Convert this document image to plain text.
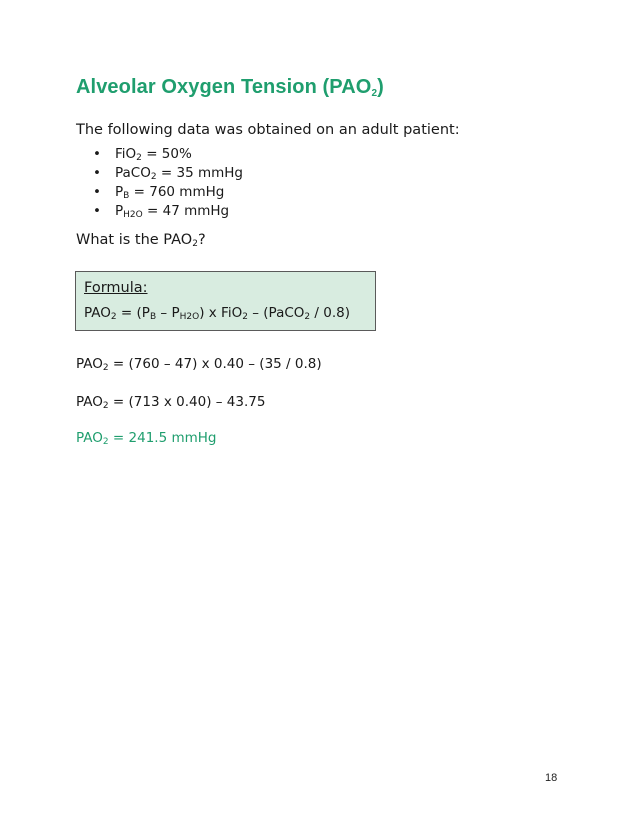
Alveolar Oxygen Tension $(PAO_2)$
The following data was obtained on an adult patient:
• FiO$_2$ = 50%
• PaCO$_2$ = 35 mmHg
• $P_B = 760$ mmHg
• $P_{H2O} = 47$ mmHg
What is the $PAO_2$?
Formula:
$PAO_2 = (P_B - P_{H2O})$ x FiO$_2$ – (PaCO$_2$ / 0.8)
$PAO_2 = (760 - 47)$ x 0.40 – (35 / 0.8)
$PAO_2 = (713$ x 0.40) – 43.75
$PAO_2 = 241.5$ mmHg
18
